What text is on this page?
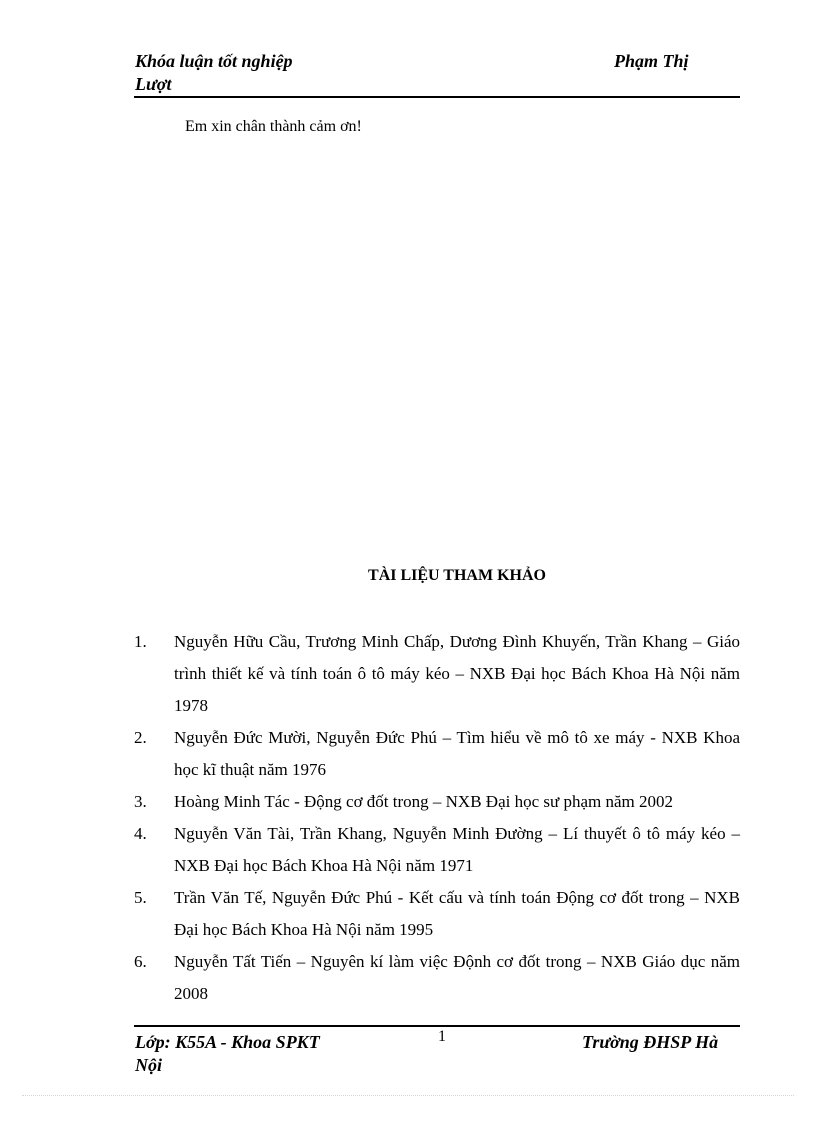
Khóa luận tốt nghiệp	Phạm Thị
Lượt
Em xin chân thành cảm ơn!
TÀI LIỆU THAM KHẢO
1. Nguyễn Hữu Cầu, Trương Minh Chấp, Dương Đình Khuyến, Trần Khang – Giáo trình thiết kế và tính toán ô tô máy kéo – NXB Đại học Bách Khoa Hà Nội năm 1978
2. Nguyễn Đức Mười, Nguyễn Đức Phú – Tìm hiểu về mô tô xe máy - NXB Khoa học kĩ thuật năm 1976
3. Hoàng Minh Tác - Động cơ đốt trong – NXB Đại học sư phạm năm 2002
4. Nguyễn Văn Tài, Trần Khang, Nguyễn Minh Đường – Lí thuyết ô tô máy kéo – NXB Đại học Bách Khoa Hà Nội năm 1971
5. Trần Văn Tế, Nguyễn Đức Phú - Kết cấu và tính toán Động cơ đốt trong – NXB Đại học Bách Khoa Hà Nội năm 1995
6. Nguyễn Tất Tiến – Nguyên kí làm việc Độnh cơ đốt trong – NXB Giáo dục năm 2008
Lớp: K55A - Khoa SPKT	1	Trường ĐHSP Hà
Nội
